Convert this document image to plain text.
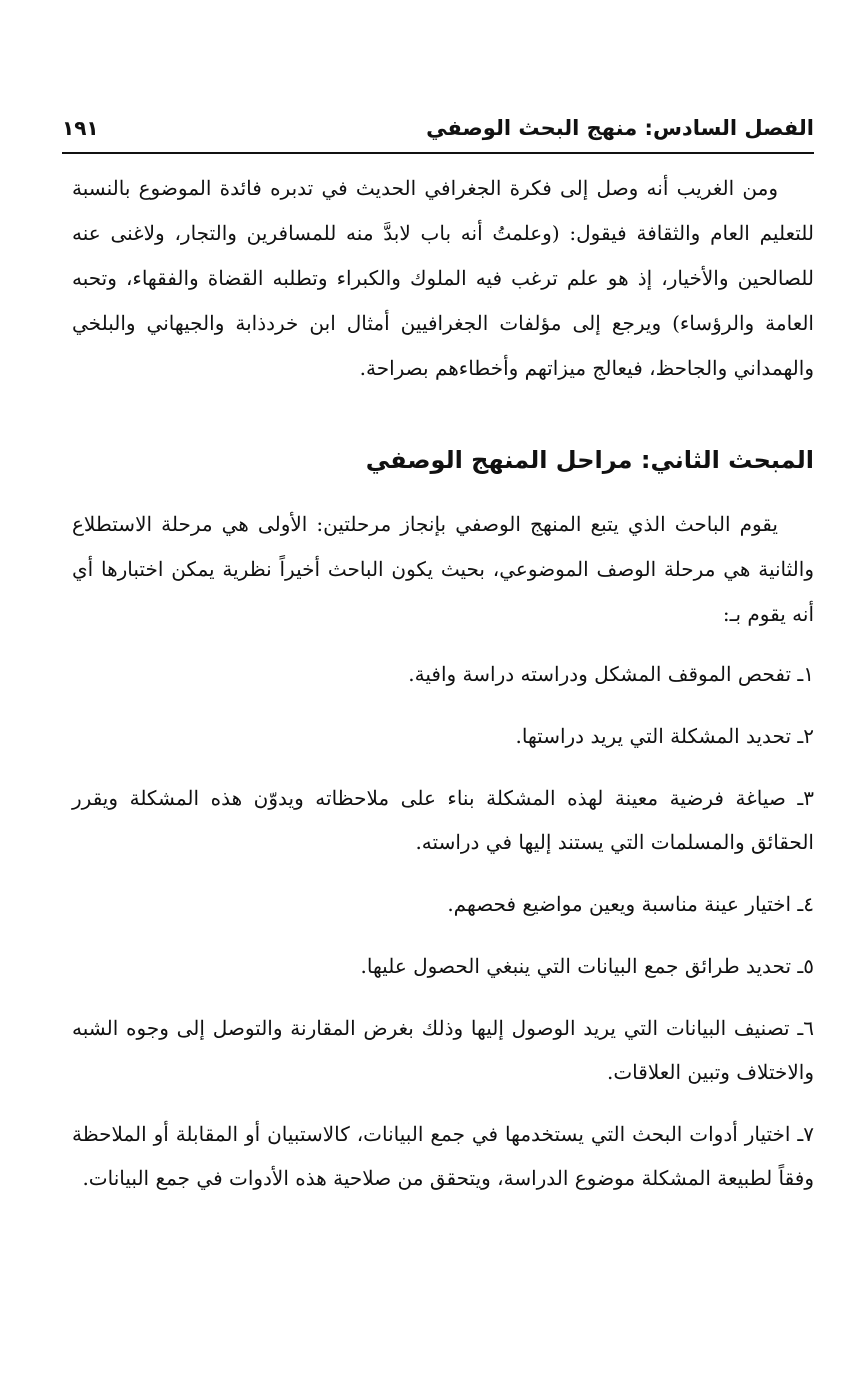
الفصل السادس: منهج البحث الوصفي
١٩١

ومن الغريب أنه وصل إلى فكرة الجغرافي الحديث في تدبره فائدة الموضوع بالنسبة للتعليم العام والثقافة فيقول: (وعلمتُ أنه باب لابدَّ منه للمسافرين والتجار، ولاغنى عنه للصالحين والأخيار، إذ هو علم ترغب فيه الملوك والكبراء وتطلبه القضاة والفقهاء، وتحبه العامة والرؤساء) ويرجع إلى مؤلفات الجغرافيين أمثال ابن خردذابة والجيهاني والبلخي والهمداني والجاحظ، فيعالج ميزاتهم وأخطاءهم بصراحة.

المبحث الثاني: مراحل المنهج الوصفي

يقوم الباحث الذي يتبع المنهج الوصفي بإنجاز مرحلتين: الأولى هي مرحلة الاستطلاع والثانية هي مرحلة الوصف الموضوعي، بحيث يكون الباحث أخيراً نظرية يمكن اختبارها أي أنه يقوم بـ:

١ـ تفحص الموقف المشكل ودراسته دراسة وافية.
٢ـ تحديد المشكلة التي يريد دراستها.
٣ـ صياغة فرضية معينة لهذه المشكلة بناء على ملاحظاته ويدوّن هذه المشكلة ويقرر الحقائق والمسلمات التي يستند إليها في دراسته.
٤ـ اختيار عينة مناسبة ويعين مواضيع فحصهم.
٥ـ تحديد طرائق جمع البيانات التي ينبغي الحصول عليها.
٦ـ تصنيف البيانات التي يريد الوصول إليها وذلك بغرض المقارنة والتوصل إلى وجوه الشبه والاختلاف وتبين العلاقات.
٧ـ اختيار أدوات البحث التي يستخدمها في جمع البيانات، كالاستبيان أو المقابلة أو الملاحظة وفقاً لطبيعة المشكلة موضوع الدراسة، ويتحقق من صلاحية هذه الأدوات في جمع البيانات.
